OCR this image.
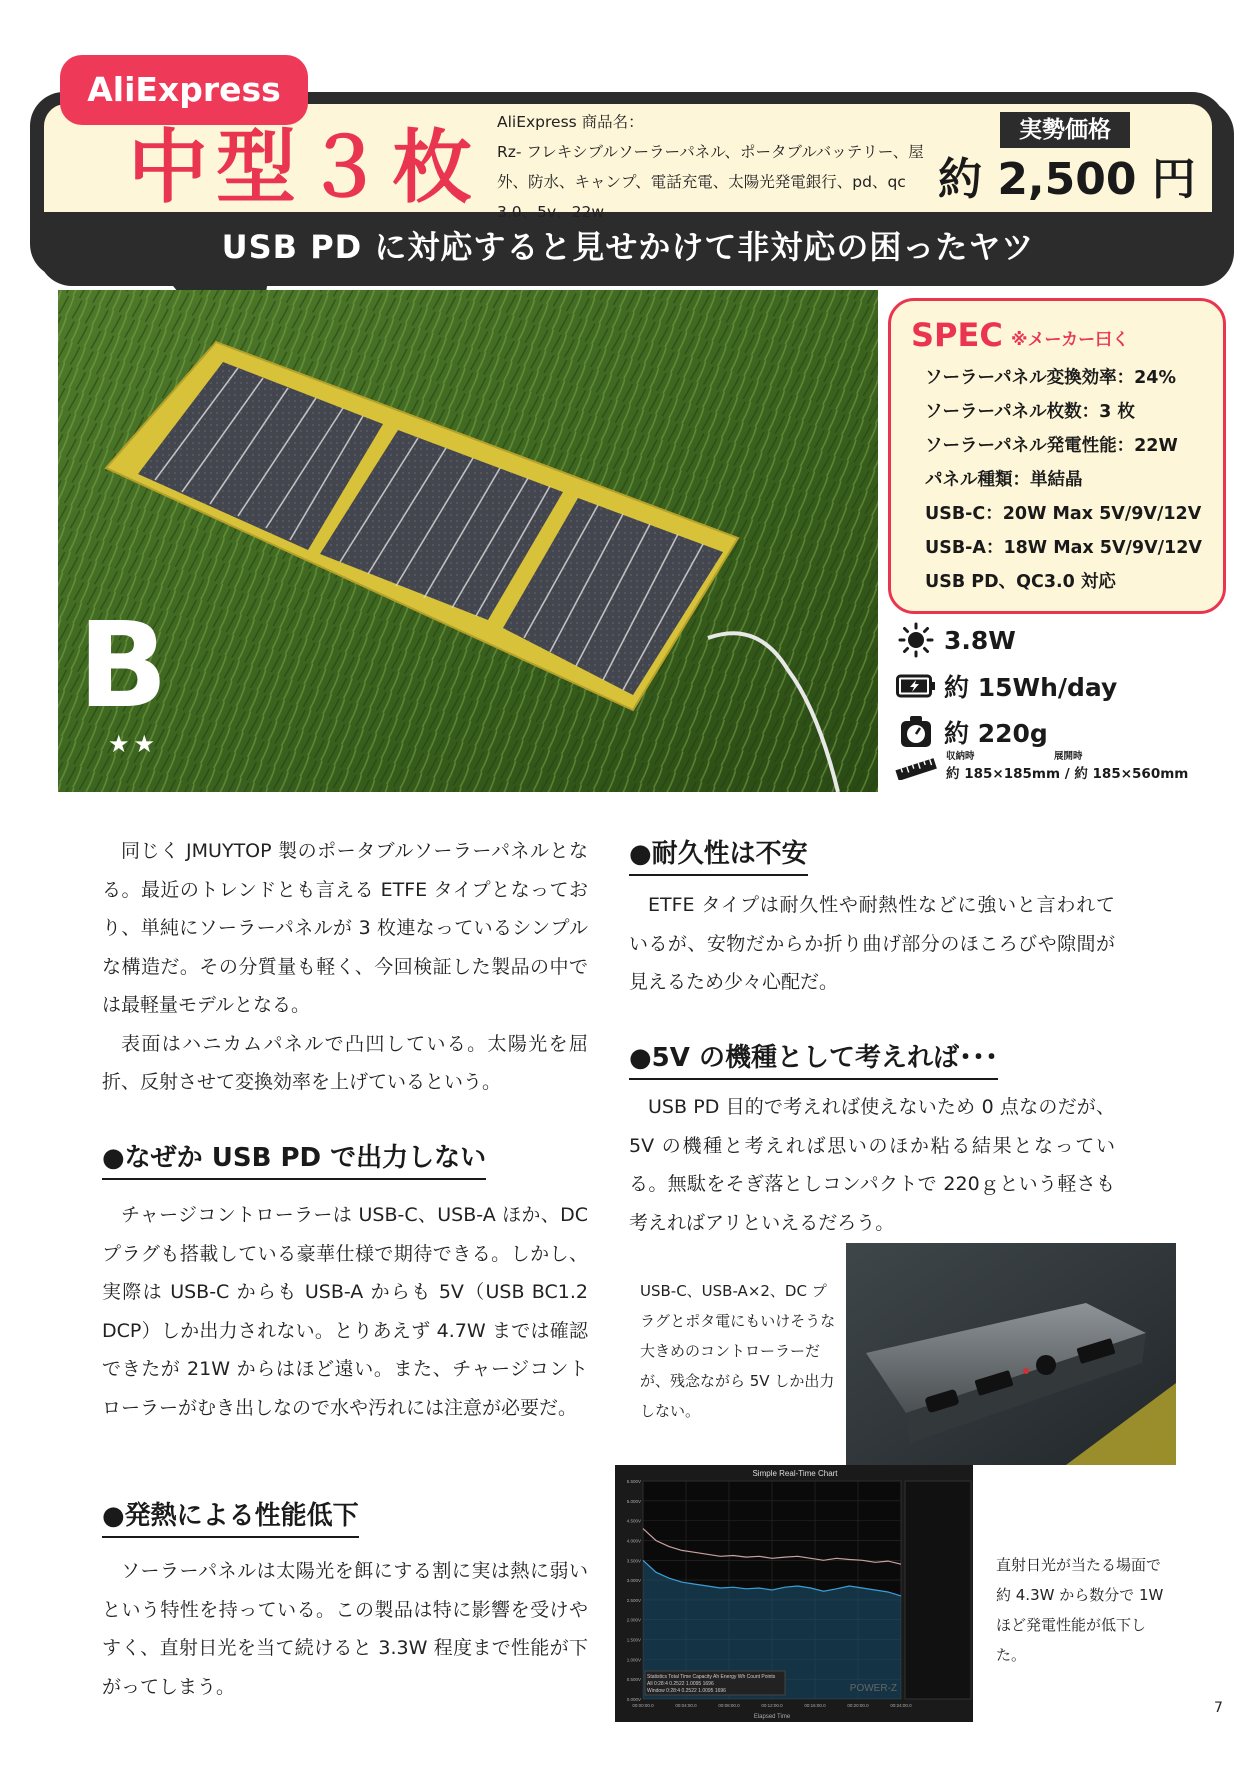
AliExpress
中型３枚 AliExpress 商品名：
Rz- フレキシブルソーラーパネル、ポータブルバッテリー、屋外、防水、キャンプ、電話充電、太陽光発電銀行、pd、qc 3.0、5v、22w
実勢価格
約 2,500 円
USB PD に対応すると見せかけて非対応の困ったヤツ
B
★★
SPEC ※メーカー曰く
ソーラーパネル変換効率：24%
ソーラーパネル枚数：3 枚
ソーラーパネル発電性能：22W
パネル種類：単結晶
USB-C：20W Max 5V/9V/12V
USB-A：18W Max 5V/9V/12V
USB PD、QC3.0 対応
3.8W
約 15Wh/day
約 220g
収納時	展開時
約 185×185mm / 約 185×560mm

同じく JMUYTOP 製のポータブルソーラーパネルとなる。最近のトレンドとも言える ETFE タイプとなっており、単純にソーラーパネルが 3 枚連なっているシンプルな構造だ。その分質量も軽く、今回検証した製品の中では最軽量モデルとなる。

表面はハニカムパネルで凸凹している。太陽光を屈折、反射させて変換効率を上げているという。

●なぜか USB PD で出力しない

チャージコントローラーは USB-C、USB-A ほか、DC プラグも搭載している豪華仕様で期待できる。しかし、実際は USB-C からも USB-A からも 5V（USB BC1.2 DCP）しか出力されない。とりあえず 4.7W までは確認できたが 21W からはほど遠い。また、チャージコントローラーがむき出しなので水や汚れには注意が必要だ。

●発熱による性能低下

ソーラーパネルは太陽光を餌にする割に実は熱に弱いという特性を持っている。この製品は特に影響を受けやすく、直射日光を当て続けると 3.3W 程度まで性能が下がってしまう。

●耐久性は不安

ETFE タイプは耐久性や耐熱性などに強いと言われているが、安物だからか折り曲げ部分のほころびや隙間が見えるため少々心配だ。

●5V の機種として考えれば･･･

USB PD 目的で考えれば使えないため 0 点なのだが、5V の機種と考えれば思いのほか粘る結果となっている。無駄をそぎ落としコンパクトで 220ｇという軽さも考えればアリといえるだろう。

USB-C、USB-A×2、DC プラグとポタ電にもいけそうな大きめのコントローラーだが、残念ながら 5V しか出力しない。
Simple Real-Time Chart
0.000V
0.500V
1.000V
1.500V
2.000V
2.500V
3.000V
3.500V
4.000V
4.500V
5.000V
5.500V
00:00:00.0	00:04:00.0	00:08:00.0	00:12:00.0	00:16:00.0	00:20:00.0	00:24:00.0
Statistics Total Time Capacity Ah Energy Wh Count Points
All 0:28:4 0.2522 1.0095 1696
Window 0:28:4 0.2522 1.0095 1696	POWER-Z
Elapsed Time
直射日光が当たる場面で約 4.3W から数分で 1W ほど発電性能が低下した。
7
